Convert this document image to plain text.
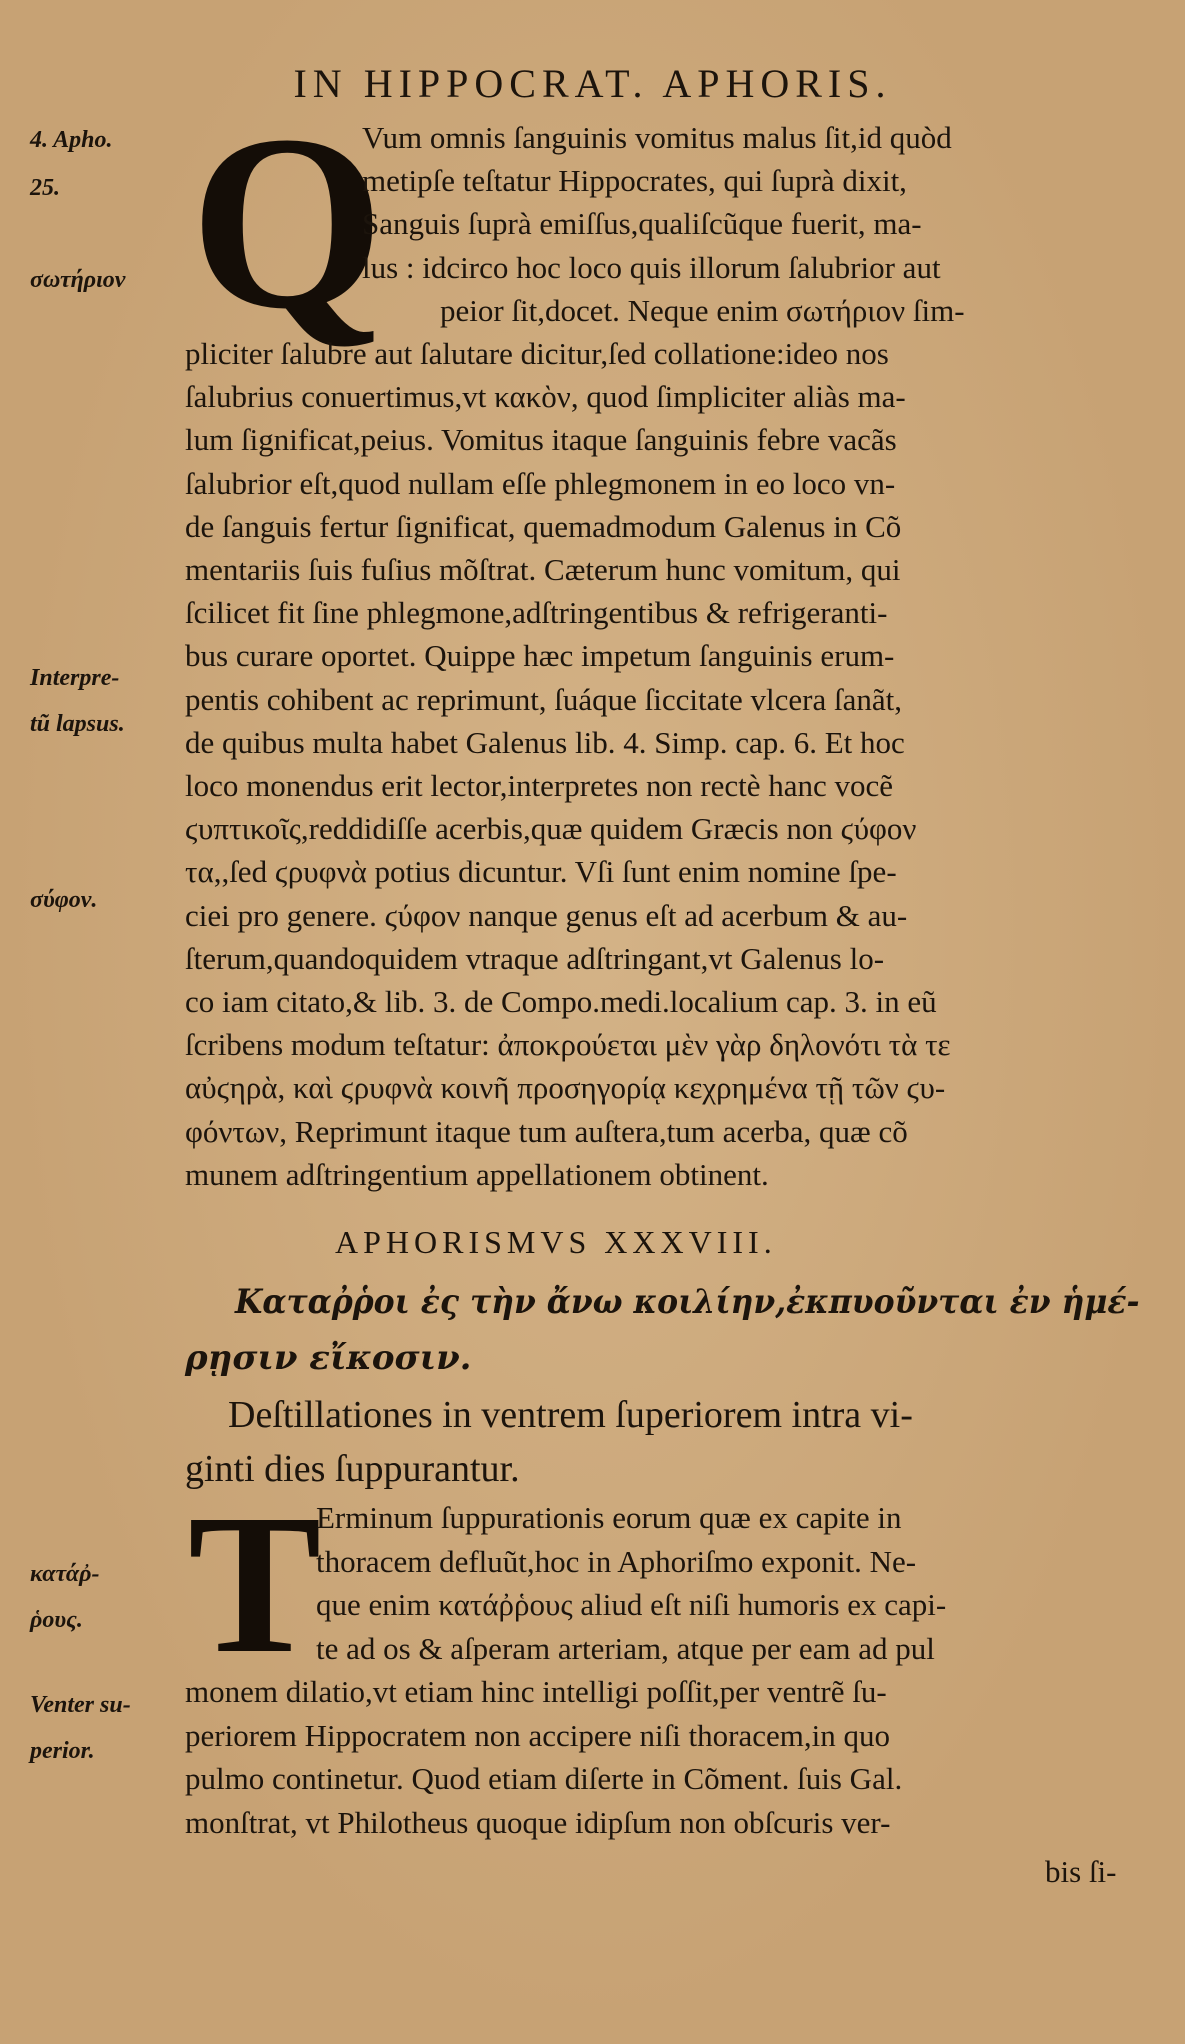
IN HIPPOCRAT. APHORIS.
4. Apho.
25.
σωτήριον
Interpre-
tũ lapsus.
σύφον.
κατάῤ-
ῥους.
Venter su-
perior.
Q
Vum omnis ſanguinis vomitus malus ſit,id quòd
metipſe teſtatur Hippocrates, qui ſuprà dixit,
Sanguis ſuprà emiſſus,qualiſcũque fuerit, ma-
lus : idcirco hoc loco quis illorum ſalubrior aut
peior ſit,docet. Neque enim σωτήριον ſim-
pliciter ſalubre aut ſalutare dicitur,ſed collatione:ideo nos
ſalubrius conuertimus,vt κακὸν, quod ſimpliciter aliàs ma-
lum ſignificat,peius. Vomitus itaque ſanguinis febre vacãs
ſalubrior eſt,quod nullam eſſe phlegmonem in eo loco vn-
de ſanguis fertur ſignificat, quemadmodum Galenus in Cõ
mentariis ſuis fuſius mõſtrat. Cæterum hunc vomitum, qui
ſcilicet fit ſine phlegmone,adſtringentibus & refrigeranti-
bus curare oportet. Quippe hæc impetum ſanguinis erum-
pentis cohibent ac reprimunt, ſuáque ſiccitate vlcera ſanãt,
de quibus multa habet Galenus lib. 4. Simp. cap. 6. Et hoc
loco monendus erit lector,interpretes non rectè hanc vocẽ
ϛυπτικοῖς,reddidiſſe acerbis,quæ quidem Græcis non ϛύφον
τα,,ſed ϛρυφνὰ potius dicuntur. Vſi ſunt enim nomine ſpe-
ciei pro genere. ϛύφον nanque genus eſt ad acerbum & au-
ſterum,quandoquidem vtraque adſtringant,vt Galenus lo-
co iam citato,& lib. 3. de Compo.medi.localium cap. 3. in eũ
ſcribens modum teſtatur: ἀποκρούεται μὲν γὰρ δηλονότι τὰ τε
αὐϛηρὰ, καὶ ϛρυφνὰ κοινῆ προσηγορίᾳ κεχρημένα τῇ τῶν ϛυ-
φόντων, Reprimunt itaque tum auſtera,tum acerba, quæ cõ
munem adſtringentium appellationem obtinent.
APHORISMVS XXXVIII.
Καταῤῥοι ἐς τὴν ἄνω κοιλίην,ἐκπυοῦνται ἐν ἡμέ-
ρῃσιν εἴκοσιν.
Deſtillationes in ventrem ſuperiorem intra vi-
ginti dies ſuppurantur.
T
Erminum ſuppurationis eorum quæ ex capite in
thoracem defluũt,hoc in Aphoriſmo exponit. Ne-
que enim κατάῤῥους aliud eſt niſi humoris ex capi-
te ad os & aſperam arteriam, atque per eam ad pul
monem dilatio,vt etiam hinc intelligi poſſit,per ventrẽ ſu-
periorem Hippocratem non accipere niſi thoracem,in quo
pulmo continetur. Quod etiam diſerte in Cõment. ſuis Gal.
monſtrat, vt Philotheus quoque idipſum non obſcuris ver-
bis ſi-
